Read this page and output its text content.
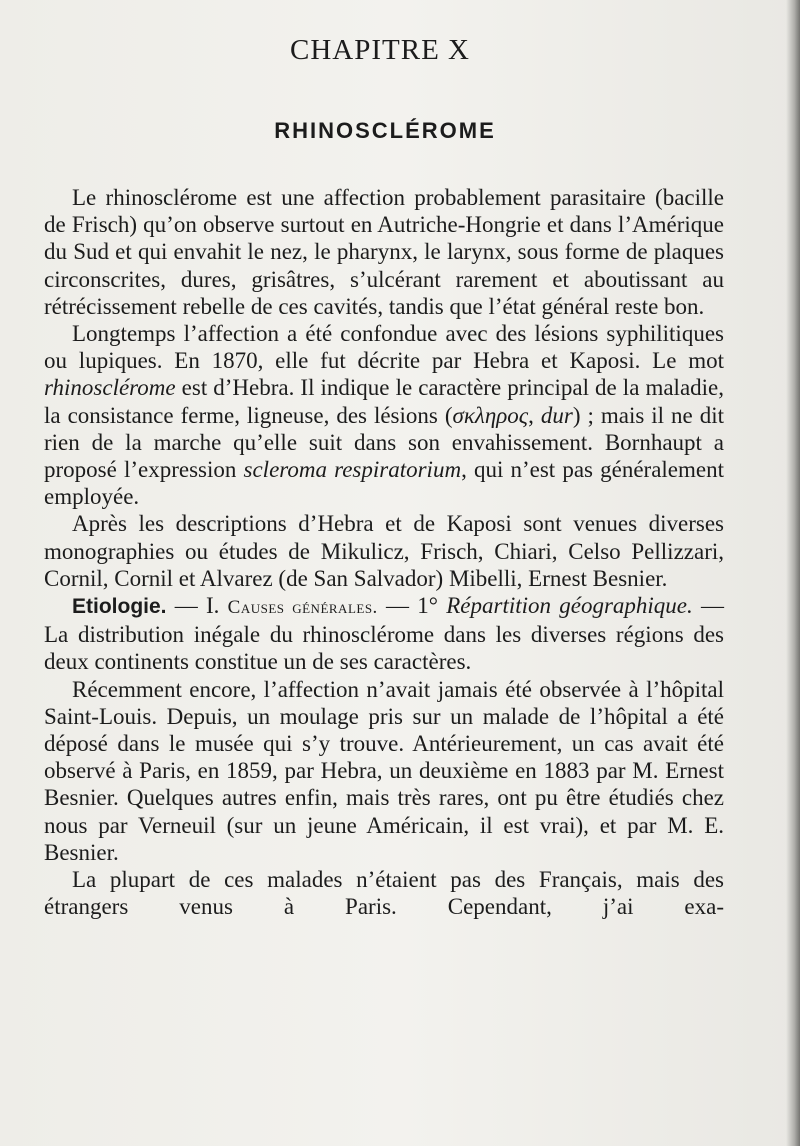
CHAPITRE X
RHINOSCLÉROME

Le rhinosclérome est une affection probablement parasitaire (bacille de Frisch) qu’on observe surtout en Autriche-Hongrie et dans l’Amérique du Sud et qui envahit le nez, le pharynx, le larynx, sous forme de plaques circonscrites, dures, grisâtres, s’ulcérant rarement et aboutissant au rétrécissement rebelle de ces cavités, tandis que l’état général reste bon.

Longtemps l’affection a été confondue avec des lésions syphilitiques ou lupiques. En 1870, elle fut décrite par Hebra et Kaposi. Le mot rhinosclérome est d’Hebra. Il indique le caractère principal de la maladie, la consistance ferme, ligneuse, des lésions (σκληρος, dur) ; mais il ne dit rien de la marche qu’elle suit dans son envahissement. Bornhaupt a proposé l’expression scleroma respiratorium, qui n’est pas généralement employée.

Après les descriptions d’Hebra et de Kaposi sont venues diverses monographies ou études de Mikulicz, Frisch, Chiari, Celso Pellizzari, Cornil, Cornil et Alvarez (de San Salvador) Mibelli, Ernest Besnier.

Etiologie. — I. Causes générales. — 1° Répartition géographique. — La distribution inégale du rhinosclérome dans les diverses régions des deux continents constitue un de ses caractères.

Récemment encore, l’affection n’avait jamais été observée à l’hôpital Saint-Louis. Depuis, un moulage pris sur un malade de l’hôpital a été déposé dans le musée qui s’y trouve. Antérieurement, un cas avait été observé à Paris, en 1859, par Hebra, un deuxième en 1883 par M. Ernest Besnier. Quelques autres enfin, mais très rares, ont pu être étudiés chez nous par Verneuil (sur un jeune Américain, il est vrai), et par M. E. Besnier.

La plupart de ces malades n’étaient pas des Français, mais des étrangers venus à Paris. Cependant, j’ai exa-
